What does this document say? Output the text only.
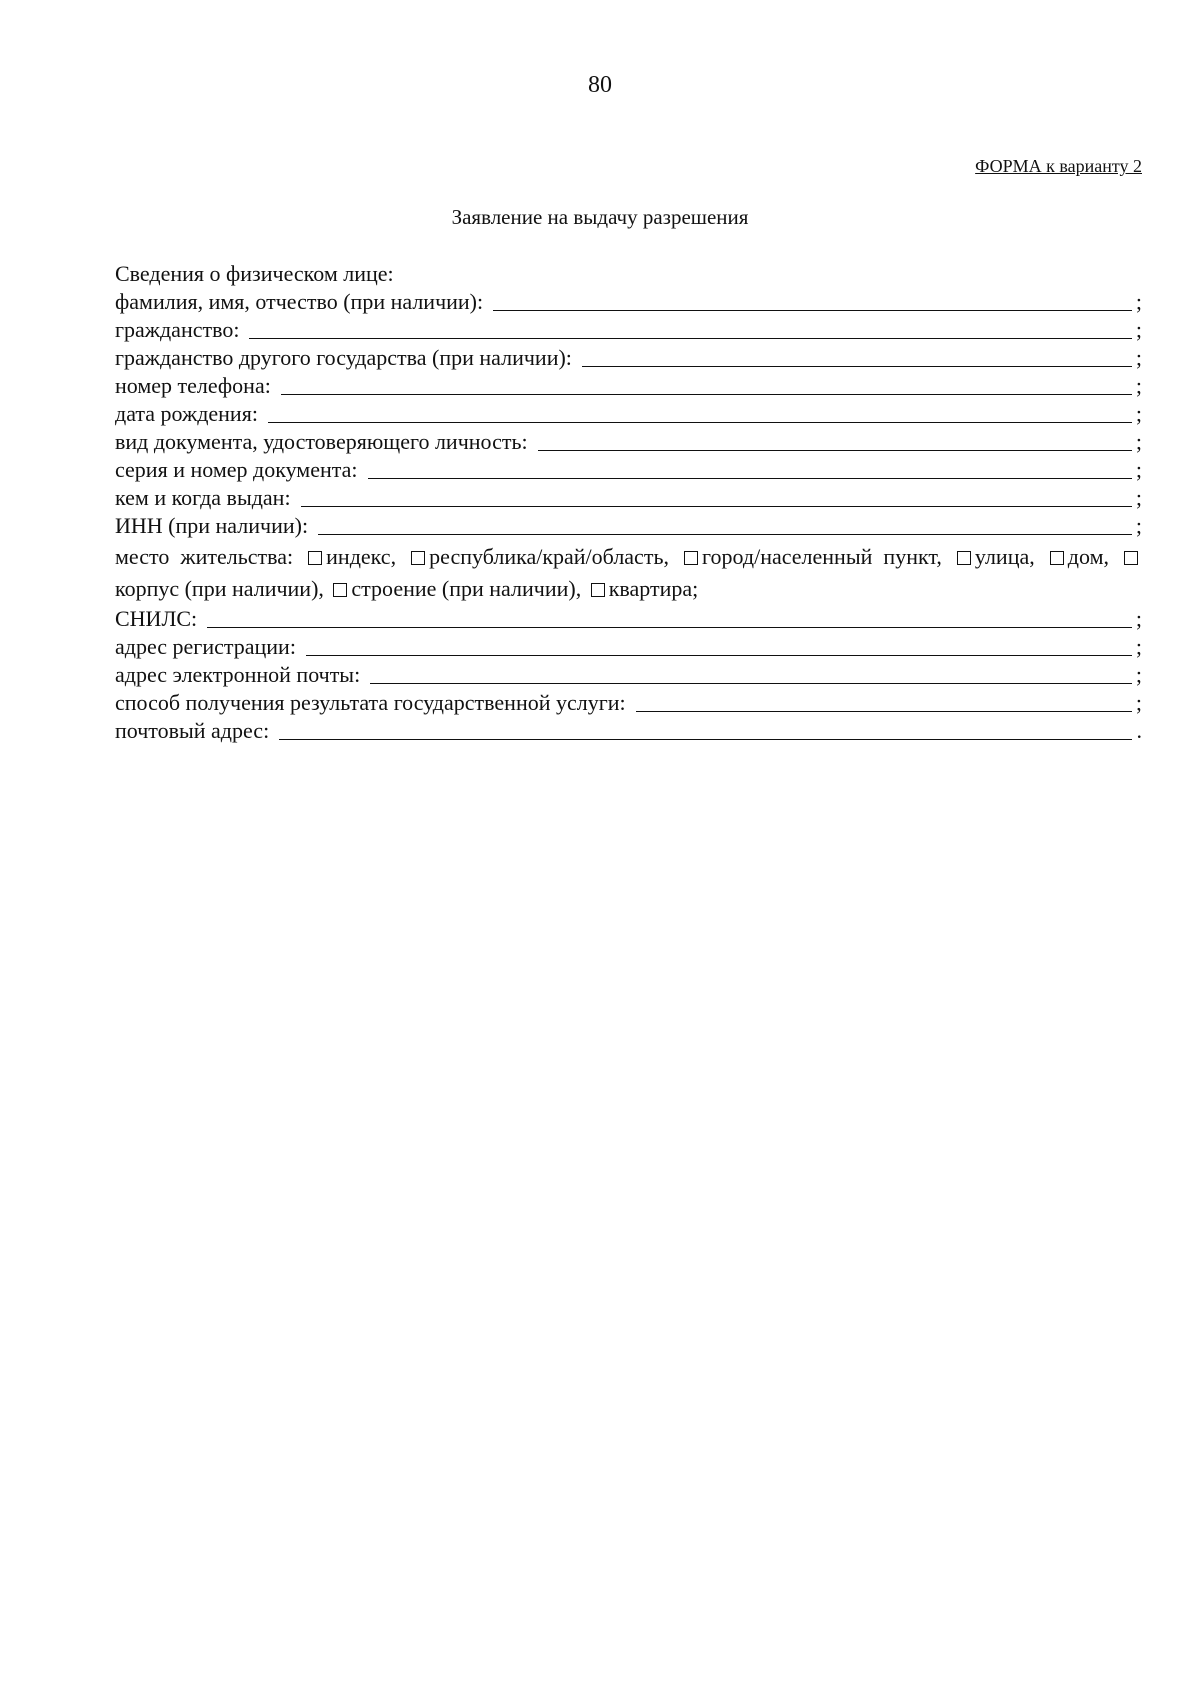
80
ФОРМА к варианту 2
Заявление на выдачу разрешения
Сведения о физическом лице:
фамилия, имя, отчество (при наличии):	;
гражданство:	;
гражданство другого государства (при наличии):	;
номер телефона:	;
дата рождения:	;
вид документа, удостоверяющего личность:	;
серия и номер документа:	;
кем и когда выдан:	;
ИНН (при наличии):	;
место жительства: индекс, республика/край/область, город/населенный пункт, улица, дом, корпус (при наличии), строение (при наличии), квартира;
СНИЛС:	;
адрес регистрации:	;
адрес электронной почты:	;
способ получения результата государственной услуги:	;
почтовый адрес:	.
